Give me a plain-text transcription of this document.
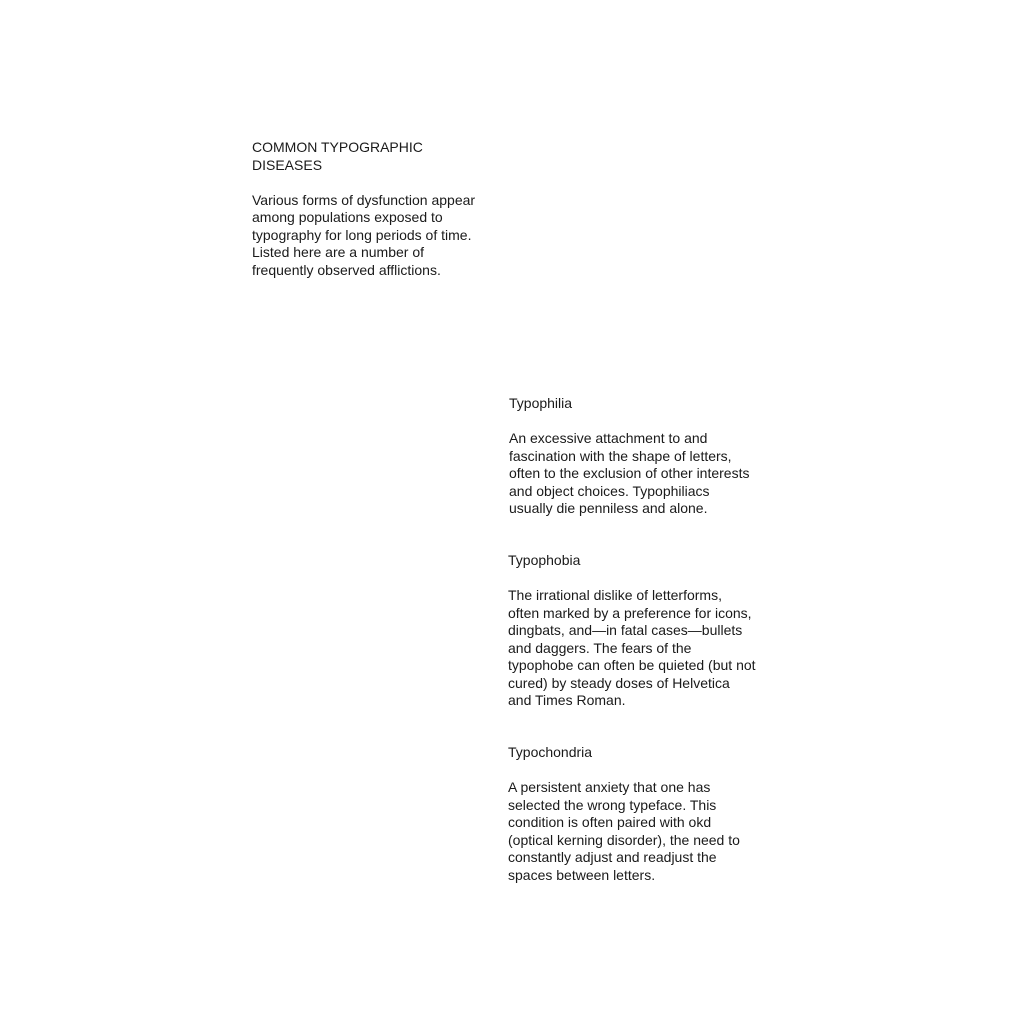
COMMON TYPOGRAPHIC
DISEASES

Various forms of dysfunction appear
among populations exposed to
typography for long periods of time.
Listed here are a number of
frequently observed afflictions.

Typophilia

An excessive attachment to and
fascination with the shape of letters,
often to the exclusion of other interests
and object choices. Typophiliacs
usually die penniless and alone.

Typophobia

The irrational dislike of letterforms,
often marked by a preference for icons,
dingbats, and—in fatal cases—bullets
and daggers. The fears of the
typophobe can often be quieted (but not
cured) by steady doses of Helvetica
and Times Roman.

Typochondria

A persistent anxiety that one has
selected the wrong typeface. This
condition is often paired with okd
(optical kerning disorder), the need to
constantly adjust and readjust the
spaces between letters.
